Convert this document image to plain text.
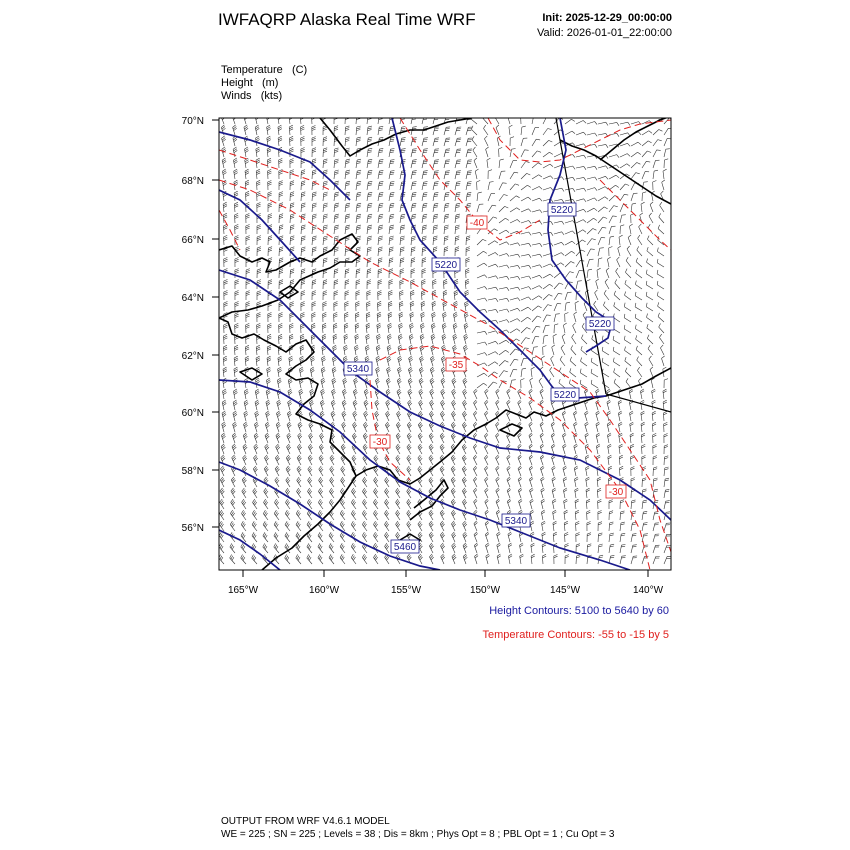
IWFAQRP Alaska Real Time WRF	Init: 2025-12-29_00:00:00
Valid: 2026-01-01_22:00:00
Temperature (C)
Height (m)
Winds (kts)
5220
5220
5220
5220
5340
5340
5460
-40
-35
-30
-30
70°N
68°N
66°N
64°N
62°N
60°N
58°N
56°N
165°W	160°W	155°W	150°W	145°W	140°W
Height Contours: 5100 to 5640 by 60
Temperature Contours: -55 to -15 by 5
OUTPUT FROM WRF V4.6.1 MODEL
WE = 225 ; SN = 225 ; Levels = 38 ; Dis = 8km ; Phys Opt = 8 ; PBL Opt = 1 ; Cu Opt = 3
